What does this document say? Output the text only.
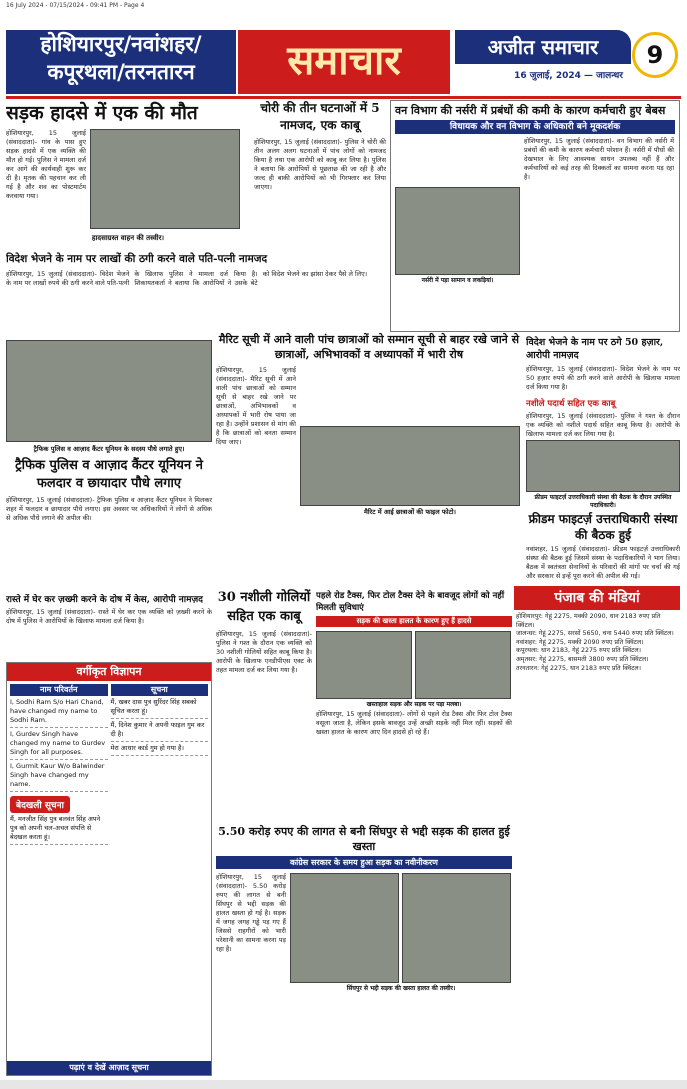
16 July 2024 - 07/15/2024 - 09:41 PM - Page 4
होशियारपुर/नवांशहर/
कपूरथला/तरनतारन	समाचार	अजीत समाचार
16 जुलाई, 2024 — जालन्धर
9
सड़क हादसे में एक की मौत
होशियारपुर, 15 जुलाई (संवाददाता)- गांव के पास हुए सड़क हादसे में एक व्यक्ति की मौत हो गई। पुलिस ने मामला दर्ज कर आगे की कार्यवाही शुरू कर दी है। मृतक की पहचान कर ली गई है और शव का पोस्टमार्टम करवाया गया।
हादसाग्रस्त वाहन की तस्वीर।
चोरी की तीन घटनाओं में 5 नामजद, एक काबू
होशियारपुर, 15 जुलाई (संवाददाता)- पुलिस ने चोरी की तीन अलग अलग घटनाओं में पांच लोगों को नामजद किया है तथा एक आरोपी को काबू कर लिया है। पुलिस ने बताया कि आरोपियों से पूछताछ की जा रही है और जल्द ही बाकी आरोपियों को भी गिरफ्तार कर लिया जाएगा।
वन विभाग की नर्सरी में प्रबंधों की कमी के कारण कर्मचारी हुए बेबस
विधायक और वन विभाग के अधिकारी बने मूकदर्शक
नर्सरी में पड़ा सामान व लकड़ियां।
होशियारपुर, 15 जुलाई (संवाददाता)- वन विभाग की नर्सरी में प्रबंधों की कमी के कारण कर्मचारी परेशान हैं। नर्सरी में पौधों की देखभाल के लिए आवश्यक साधन उपलब्ध नहीं हैं और कर्मचारियों को कई तरह की दिक्कतों का सामना करना पड़ रहा है।
विदेश भेजने के नाम पर लाखों की ठगी करने वाले पति-पत्नी नामजद
होशियारपुर, 15 जुलाई (संवाददाता)- विदेश भेजने के नाम पर लाखों रुपये की ठगी करने वाले पति-पत्नी के खिलाफ पुलिस ने मामला दर्ज किया है। शिकायतकर्ता ने बताया कि आरोपियों ने उसके बेटे को विदेश भेजने का झांसा देकर पैसे ले लिए।
ट्रैफिक पुलिस व आज़ाद कैंटर यूनियन के सदस्य पौधे लगाते हुए।
ट्रैफिक पुलिस व आज़ाद कैंटर यूनियन ने फलदार व छायादार पौधे लगाए
होशियारपुर, 15 जुलाई (संवाददाता)- ट्रैफिक पुलिस व आज़ाद कैंटर यूनियन ने मिलकर शहर में फलदार व छायादार पौधे लगाए। इस अवसर पर अधिकारियों ने लोगों से अधिक से अधिक पौधे लगाने की अपील की।
मैरिट सूची में आने वाली पांच छात्राओं को सम्मान सूची से बाहर रखे जाने से छात्राओं, अभिभावकों व अध्यापकों में भारी रोष
होशियारपुर, 15 जुलाई (संवाददाता)- मैरिट सूची में आने वाली पांच छात्राओं को सम्मान सूची से बाहर रखे जाने पर छात्राओं, अभिभावकों व अध्यापकों में भारी रोष पाया जा रहा है। उन्होंने प्रशासन से मांग की है कि छात्राओं को बनता सम्मान दिया जाए।
मैरिट में आई छात्राओं की फाइल फोटो।
विदेश भेजने के नाम पर ठगे 50 हज़ार, आरोपी नामज़द
होशियारपुर, 15 जुलाई (संवाददाता)- विदेश भेजने के नाम पर 50 हज़ार रुपये की ठगी करने वाले आरोपी के खिलाफ मामला दर्ज किया गया है।
नशीले पदार्थ सहित एक काबू
होशियारपुर, 15 जुलाई (संवाददाता)- पुलिस ने गश्त के दौरान एक व्यक्ति को नशीले पदार्थ सहित काबू किया है। आरोपी के खिलाफ मामला दर्ज कर लिया गया है।
फ्रीडम फाइटर्ज़ उत्तराधिकारी संस्था की बैठक के दौरान उपस्थित पदाधिकारी।
फ्रीडम फाइटर्ज़ उत्तराधिकारी संस्था की बैठक हुई
नवांशहर, 15 जुलाई (संवाददाता)- फ्रीडम फाइटर्ज़ उत्तराधिकारी संस्था की बैठक हुई जिसमें संस्था के पदाधिकारियों ने भाग लिया। बैठक में स्वतंत्रता सेनानियों के परिवारों की मांगों पर चर्चा की गई और सरकार से इन्हें पूरा करने की अपील की गई।
रास्ते में घेर कर ज़ख्मी करने के दोष में केस, आरोपी नामज़द
होशियारपुर, 15 जुलाई (संवाददाता)- रास्ते में घेर कर एक व्यक्ति को ज़ख्मी करने के दोष में पुलिस ने आरोपियों के खिलाफ मामला दर्ज किया है।
वर्गीकृत विज्ञापन
नाम परिवर्तन
I, Sodhi Ram S/o Hari Chand, have changed my name to Sodhi Ram.
I, Gurdev Singh have changed my name to Gurdev Singh for all purposes.
I, Gurmit Kaur W/o Balwinder Singh have changed my name.
बेदखली सूचना
मैं, मनजीत सिंह पुत्र बलवंत सिंह अपने पुत्र को अपनी चल-अचल संपत्ति से बेदखल करता हूं।
सूचना
मैं, खबर दास पुत्र सुरिंदर सिंह सबको सूचित करता हूं।
मैं, दिनेश कुमार ने अपनी फाइल गुम कर दी है।
मेरा आधार कार्ड गुम हो गया है।
पढ़ाएं व देखें आज़ाद सूचना
30 नशीली गोलियों सहित एक काबू
होशियारपुर, 15 जुलाई (संवाददाता)- पुलिस ने गश्त के दौरान एक व्यक्ति को 30 नशीली गोलियों सहित काबू किया है। आरोपी के खिलाफ एनडीपीएस एक्ट के तहत मामला दर्ज कर लिया गया है।
पहले रोड टैक्स, फिर टोल टैक्स देने के बावजूद लोगों को नहीं मिलती सुविधाएं
सड़क की खस्ता हालत के कारण हुए हैं हादसे
खस्ताहाल सड़क और सड़क पर पड़ा मलबा।
होशियारपुर, 15 जुलाई (संवाददाता)- लोगों से पहले रोड टैक्स और फिर टोल टैक्स वसूला जाता है, लेकिन इसके बावजूद उन्हें अच्छी सड़कें नहीं मिल रहीं। सड़कों की खस्ता हालत के कारण आए दिन हादसे हो रहे हैं।
पंजाब की मंडियां
होशियारपुर: गेहूं 2275, मक्की 2090, धान 2183 रुपए प्रति क्विंटल।
जालन्धर: गेहूं 2275, सरसों 5650, चना 5440 रुपए प्रति क्विंटल।
नवांशहर: गेहूं 2275, मक्की 2090 रुपए प्रति क्विंटल।
कपूरथला: धान 2183, गेहूं 2275 रुपए प्रति क्विंटल।
अमृतसर: गेहूं 2275, बासमती 3800 रुपए प्रति क्विंटल।
तरनतारन: गेहूं 2275, धान 2183 रुपए प्रति क्विंटल।
5.50 करोड़ रुपए की लागत से बनी सिंघपुर से भद्दी सड़क की हालत हुई खस्ता
कांग्रेस सरकार के समय हुआ सड़क का नवीनीकरण
होशियारपुर, 15 जुलाई (संवाददाता)- 5.50 करोड़ रुपए की लागत से बनी सिंघपुर से भद्दी सड़क की हालत खस्ता हो गई है। सड़क में जगह जगह गड्ढे पड़ गए हैं जिससे राहगीरों को भारी परेशानी का सामना करना पड़ रहा है।
सिंघपुर से भद्दी सड़क की खस्ता हालत की तस्वीर।
